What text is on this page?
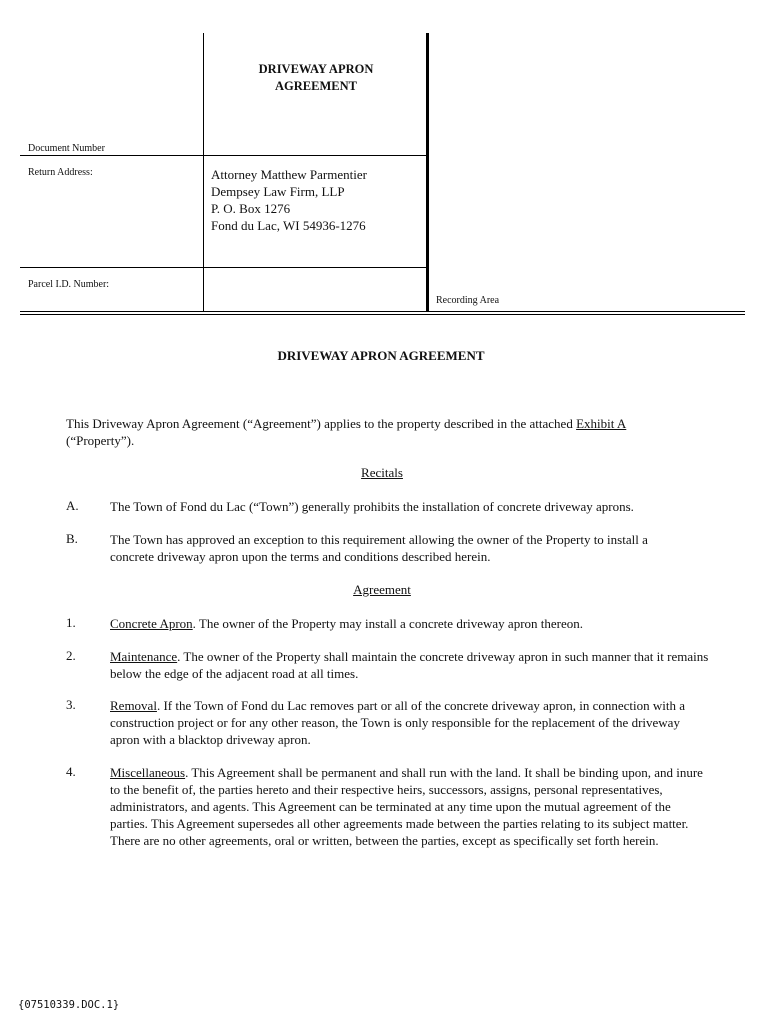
DRIVEWAY APRON
AGREEMENT
Document Number
Return Address:	Attorney Matthew Parmentier
Dempsey Law Firm, LLP
P. O. Box 1276
Fond du Lac, WI 54936-1276
Parcel I.D. Number:
Recording Area
DRIVEWAY APRON AGREEMENT
This Driveway Apron Agreement (“Agreement”) applies to the property described in the attached Exhibit A
(“Property”).
Recitals
A. The Town of Fond du Lac (“Town”) generally prohibits the installation of concrete driveway aprons.
B. The Town has approved an exception to this requirement allowing the owner of the Property to install a concrete driveway apron upon the terms and conditions described herein.
Agreement
1.	Concrete Apron. The owner of the Property may install a concrete driveway apron thereon.
2.	Maintenance. The owner of the Property shall maintain the concrete driveway apron in such manner that it remains below the edge of the adjacent road at all times.
3.	Removal. If the Town of Fond du Lac removes part or all of the concrete driveway apron, in connection with a construction project or for any other reason, the Town is only responsible for the replacement of the driveway apron with a blacktop driveway apron.
4.	Miscellaneous. This Agreement shall be permanent and shall run with the land. It shall be binding upon, and inure to the benefit of, the parties hereto and their respective heirs, successors, assigns, personal representatives, administrators, and agents. This Agreement can be terminated at any time upon the mutual agreement of the parties. This Agreement supersedes all other agreements made between the parties relating to its subject matter. There are no other agreements, oral or written, between the parties, except as specifically set forth herein.
{07510339.DOC.1}
